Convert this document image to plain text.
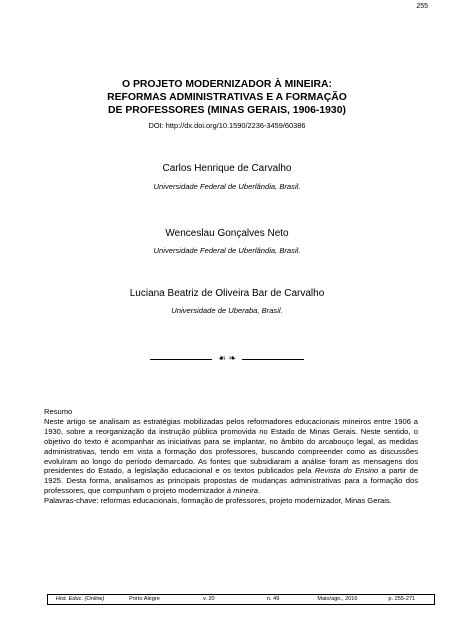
255
O PROJETO MODERNIZADOR À MINEIRA:
REFORMAS ADMINISTRATIVAS E A FORMAÇÃO
DE PROFESSORES (MINAS GERAIS, 1906-1930)
DOI: http://dx.doi.org/10.1590/2236-3459/60386
Carlos Henrique de Carvalho
Universidade Federal de Uberlândia, Brasil.
Wenceslau Gonçalves Neto
Universidade Federal de Uberlândia, Brasil.
Luciana Beatriz de Oliveira Bar de Carvalho
Universidade de Uberaba, Brasil.
☙ ❧

Resumo

Neste artigo se analisam as estratégias mobilizadas pelos reformadores educacionais mineiros entre 1906 a 1930, sobre a reorganização da instrução pública promovida no Estado de Minas Gerais. Neste sentido, o objetivo do texto é acompanhar as iniciativas para se implantar, no âmbito do arcabouço legal, as medidas administrativas, tendo em vista a formação dos professores, buscando compreender como as discussões evoluíram ao longo do período demarcado. As fontes que subsidiaram a análise foram as mensagens dos presidentes do Estado, a legislação educacional e os textos publicados pela Revista do Ensino a partir de 1925. Desta forma, analisamos as principais propostas de mudanças administrativas para a formação dos professores, que compunham o projeto modernizador à mineira.

Palavras-chave: reformas educacionais, formação de professores, projeto modernizador, Minas Gerais.

Hist. Educ. (Online)	Porto Alegre	v. 20	n. 49	Maio/ago., 2016	p. 255-271
